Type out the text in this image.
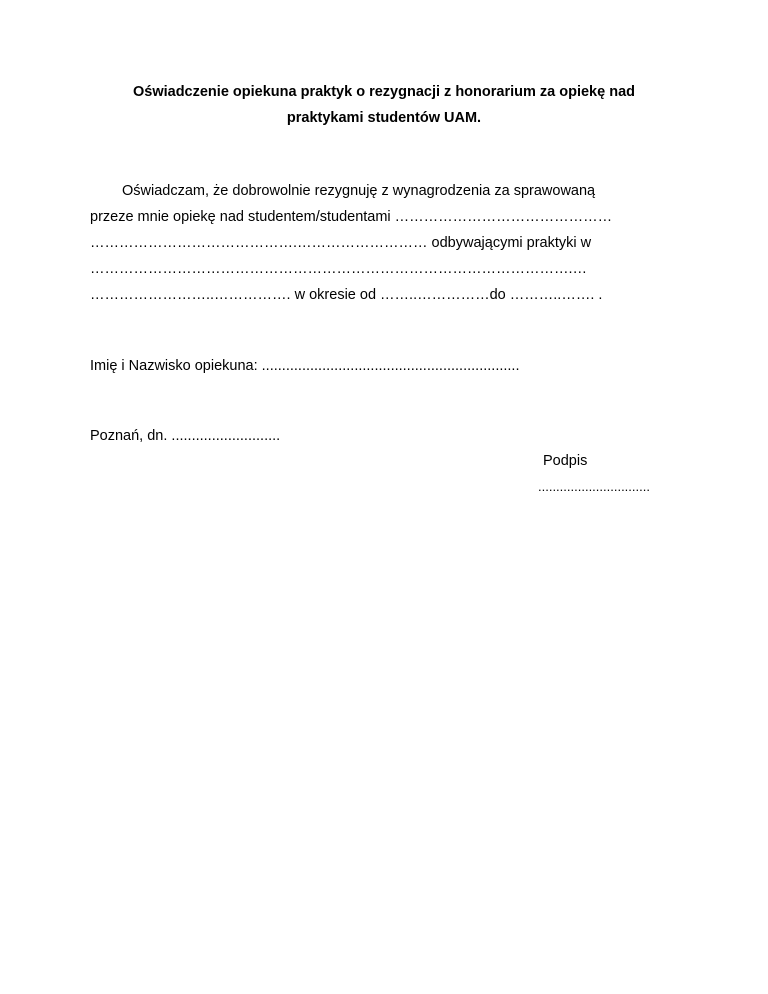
Oświadczenie opiekuna praktyk o rezygnacji z honorarium za opiekę nad
praktykami studentów UAM.
Oświadczam, że dobrowolnie rezygnuję z wynagrodzenia za sprawowaną
przeze mnie opiekę nad studentem/studentami ………………………………………
…………………………………….……………………… odbywającymi praktyki w
……………………………………………………………………………………….…
……………………..……………. w okresie od ……..……………do ………..……. .
Imię i Nazwisko opiekuna: ................................................................
Poznań, dn. ...........................
Podpis
...............................
